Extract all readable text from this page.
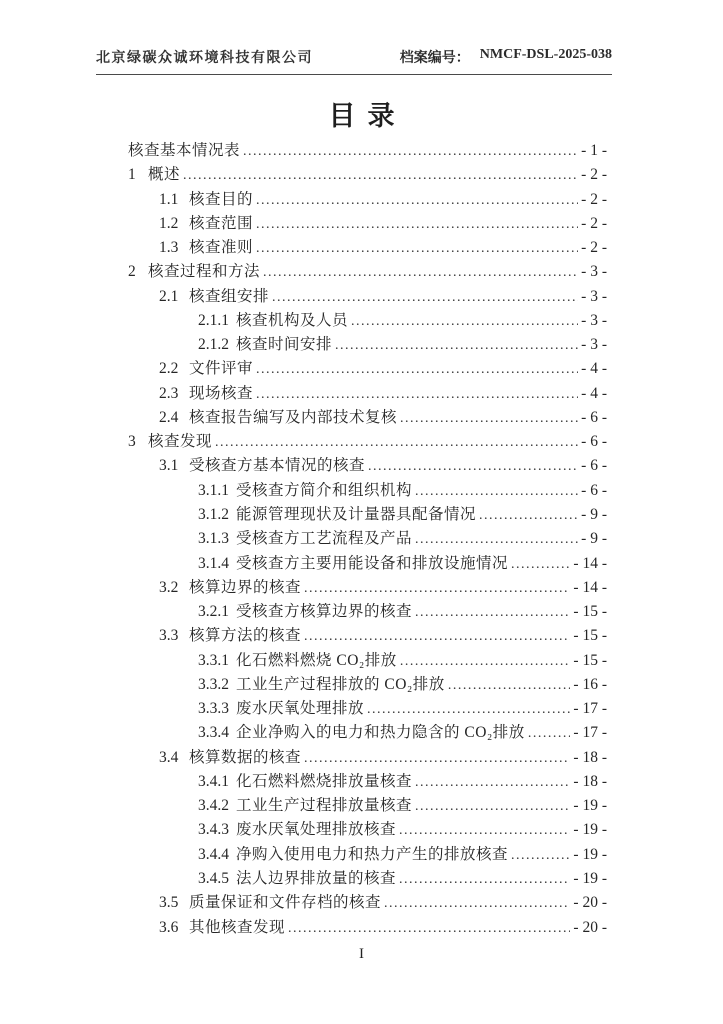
北京绿碳众诚环境科技有限公司	档案编号： NMCF-DSL-2025-038
目录
核查基本情况表 .....	- 1 -
1 概述 .....	- 2 -
1.1 核查目的 .....	- 2 -
1.2 核查范围 .....	- 2 -
1.3 核查准则 .....	- 2 -
2 核查过程和方法 .....	- 3 -
2.1 核查组安排 .....	- 3 -
2.1.1 核查机构及人员 .....	- 3 -
2.1.2 核查时间安排 .....	- 3 -
2.2 文件评审 .....	- 4 -
2.3 现场核查 .....	- 4 -
2.4 核查报告编写及内部技术复核 .....	- 6 -
3 核查发现 .....	- 6 -
3.1 受核查方基本情况的核查 .....	- 6 -
3.1.1 受核查方简介和组织机构 .....	- 6 -
3.1.2 能源管理现状及计量器具配备情况 .....	- 9 -
3.1.3 受核查方工艺流程及产品 .....	- 9 -
3.1.4 受核查方主要用能设备和排放设施情况 .....	- 14 -
3.2 核算边界的核查 .....	- 14 -
3.2.1 受核查方核算边界的核查 .....	- 15 -
3.3 核算方法的核查 .....	- 15 -
3.3.1 化石燃料燃烧 CO₂排放 .....	- 15 -
3.3.2 工业生产过程排放的 CO₂排放 .....	- 16 -
3.3.3 废水厌氧处理排放 .....	- 17 -
3.3.4 企业净购入的电力和热力隐含的 CO₂排放 .....	- 17 -
3.4 核算数据的核查 .....	- 18 -
3.4.1 化石燃料燃烧排放量核查 .....	- 18 -
3.4.2 工业生产过程排放量核查 .....	- 19 -
3.4.3 废水厌氧处理排放核查 .....	- 19 -
3.4.4 净购入使用电力和热力产生的排放核查 .....	- 19 -
3.4.5 法人边界排放量的核查 .....	- 19 -
3.5 质量保证和文件存档的核查 .....	- 20 -
3.6 其他核查发现 .....	- 20 -
I
